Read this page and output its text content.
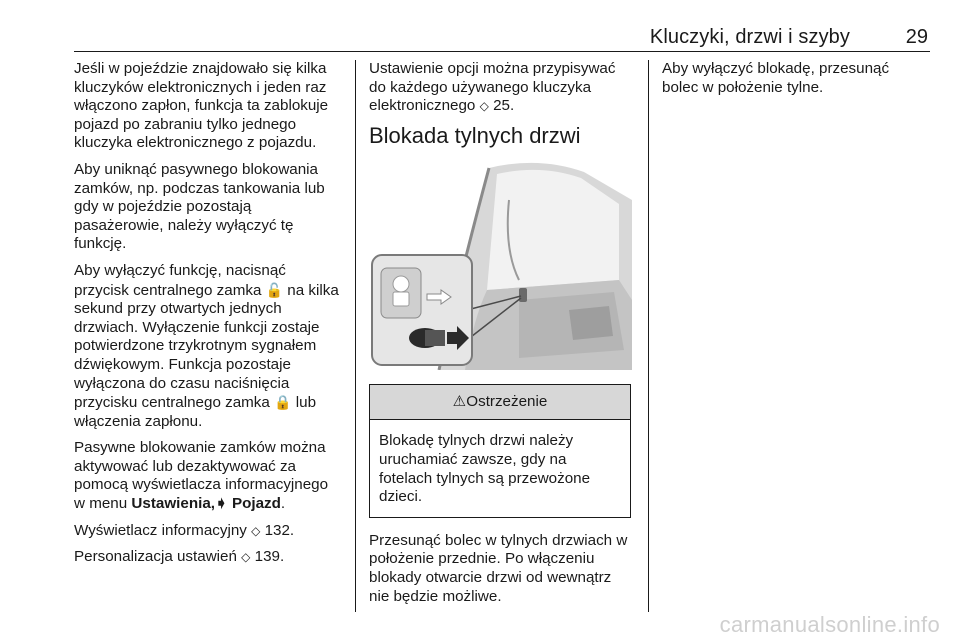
Kluczyki, drzwi i szyby	29

Jeśli w pojeździe znajdowało się kilka kluczyków elektronicznych i jeden raz włączono zapłon, funkcja ta zablokuje pojazd po zabraniu tylko jednego kluczyka elektronicznego z pojazdu.

Aby uniknąć pasywnego blokowania zamków, np. podczas tankowania lub gdy w pojeździe pozostają pasażerowie, należy wyłączyć tę funkcję.

Aby wyłączyć funkcję, nacisnąć przycisk centralnego zamka 🔓 na kilka sekund przy otwartych jednych drzwiach. Wyłączenie funkcji zostaje potwierdzone trzykrotnym sygnałem dźwiękowym. Funkcja pozostaje wyłączona do czasu naciśnięcia przycisku centralnego zamka 🔒 lub włączenia zapłonu.

Pasywne blokowanie zamków można aktywować lub dezaktywować za pomocą wyświetlacza informacyjnego w menu Ustawienia,➧ Pojazd.

Wyświetlacz informacyjny ◇ 132.

Personalizacja ustawień ◇ 139.

Ustawienie opcji można przypisywać do każdego używanego kluczyka elektronicznego ◇ 25.

Blokada tylnych drzwi
⚠Ostrzeżenie
Blokadę tylnych drzwi należy uruchamiać zawsze, gdy na fotelach tylnych są przewożone dzieci.

Przesunąć bolec w tylnych drzwiach w położenie przednie. Po włączeniu blokady otwarcie drzwi od wewnątrz nie będzie możliwe.

Aby wyłączyć blokadę, przesunąć bolec w położenie tylne.

carmanualsonline.info
